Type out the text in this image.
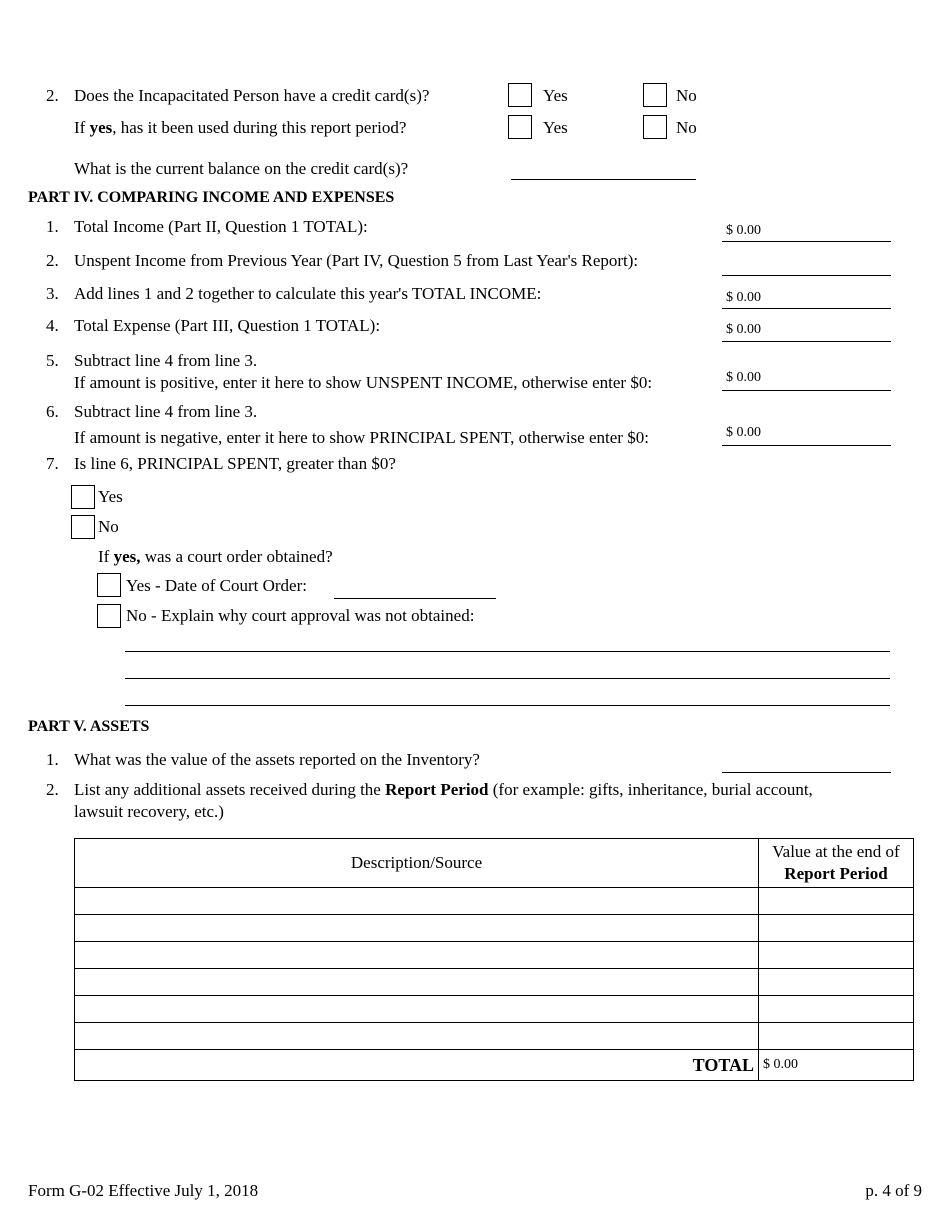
2. Does the Incapacitated Person have a credit card(s)?	Yes	No
If yes, has it been used during this report period?	Yes	No
What is the current balance on the credit card(s)?
PART IV. COMPARING INCOME AND EXPENSES
1. Total Income (Part II, Question 1 TOTAL):	$ 0.00
2. Unspent Income from Previous Year (Part IV, Question 5 from Last Year's Report):
3. Add lines 1 and 2 together to calculate this year's TOTAL INCOME:	$ 0.00
4. Total Expense (Part III, Question 1 TOTAL):	$ 0.00
5. Subtract line 4 from line 3.
If amount is positive, enter it here to show UNSPENT INCOME, otherwise enter $0:	$ 0.00
6. Subtract line 4 from line 3.
If amount is negative, enter it here to show PRINCIPAL SPENT, otherwise enter $0:	$ 0.00
7. Is line 6, PRINCIPAL SPENT, greater than $0?
Yes
No
If yes, was a court order obtained?
Yes - Date of Court Order:
No - Explain why court approval was not obtained:
PART V. ASSETS
1. What was the value of the assets reported on the Inventory?
2. List any additional assets received during the Report Period (for example: gifts, inheritance, burial account,
lawsuit recovery, etc.)
Description/Source	Value at the end of
Report Period

TOTAL	$ 0.00
Form G-02 Effective July 1, 2018	p. 4 of 9
